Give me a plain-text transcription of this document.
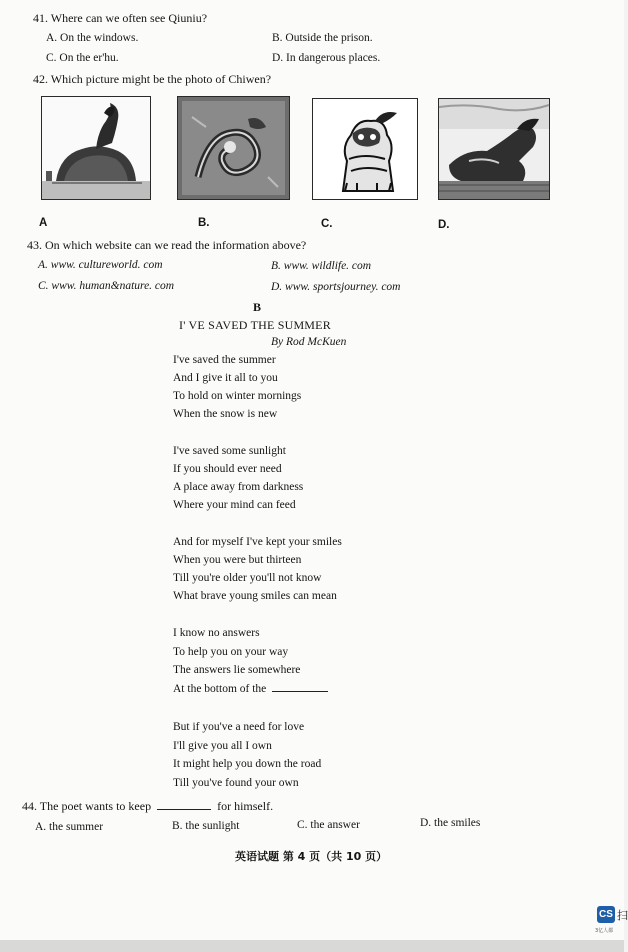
41. Where can we often see Qiuniu?
A. On the windows.	B. Outside the prison.
C. On the er'hu.	D. In dangerous places.
42. Which picture might be the photo of Chiwen?
A	B.	C.	D.
43. On which website can we read the information above?
A. www. cultureworld. com	B. www. wildlife. com
C. www. human&nature. com	D. www. sportsjourney. com
B
I' VE SAVED THE SUMMER
By Rod McKuen
I've saved the summer
And I give it all to you
To hold on winter mornings
When the snow is new
I've saved some sunlight
If you should ever need
A place away from darkness
Where your mind can feed
And for myself I've kept your smiles
When you were but thirteen
Till you're older you'll not know
What brave young smiles can mean
I know no answers
To help you on your way
The answers lie somewhere
At the bottom of the
But if you've a need for love
I'll give you all I own
It might help you down the road
Till you've found your own
44. The poet wants to keep	for himself.
A. the summer	B. the sunlight	C. the answer	D. the smiles
英语试题 第 4 页（共 10 页）
CS 扫
3亿人都
